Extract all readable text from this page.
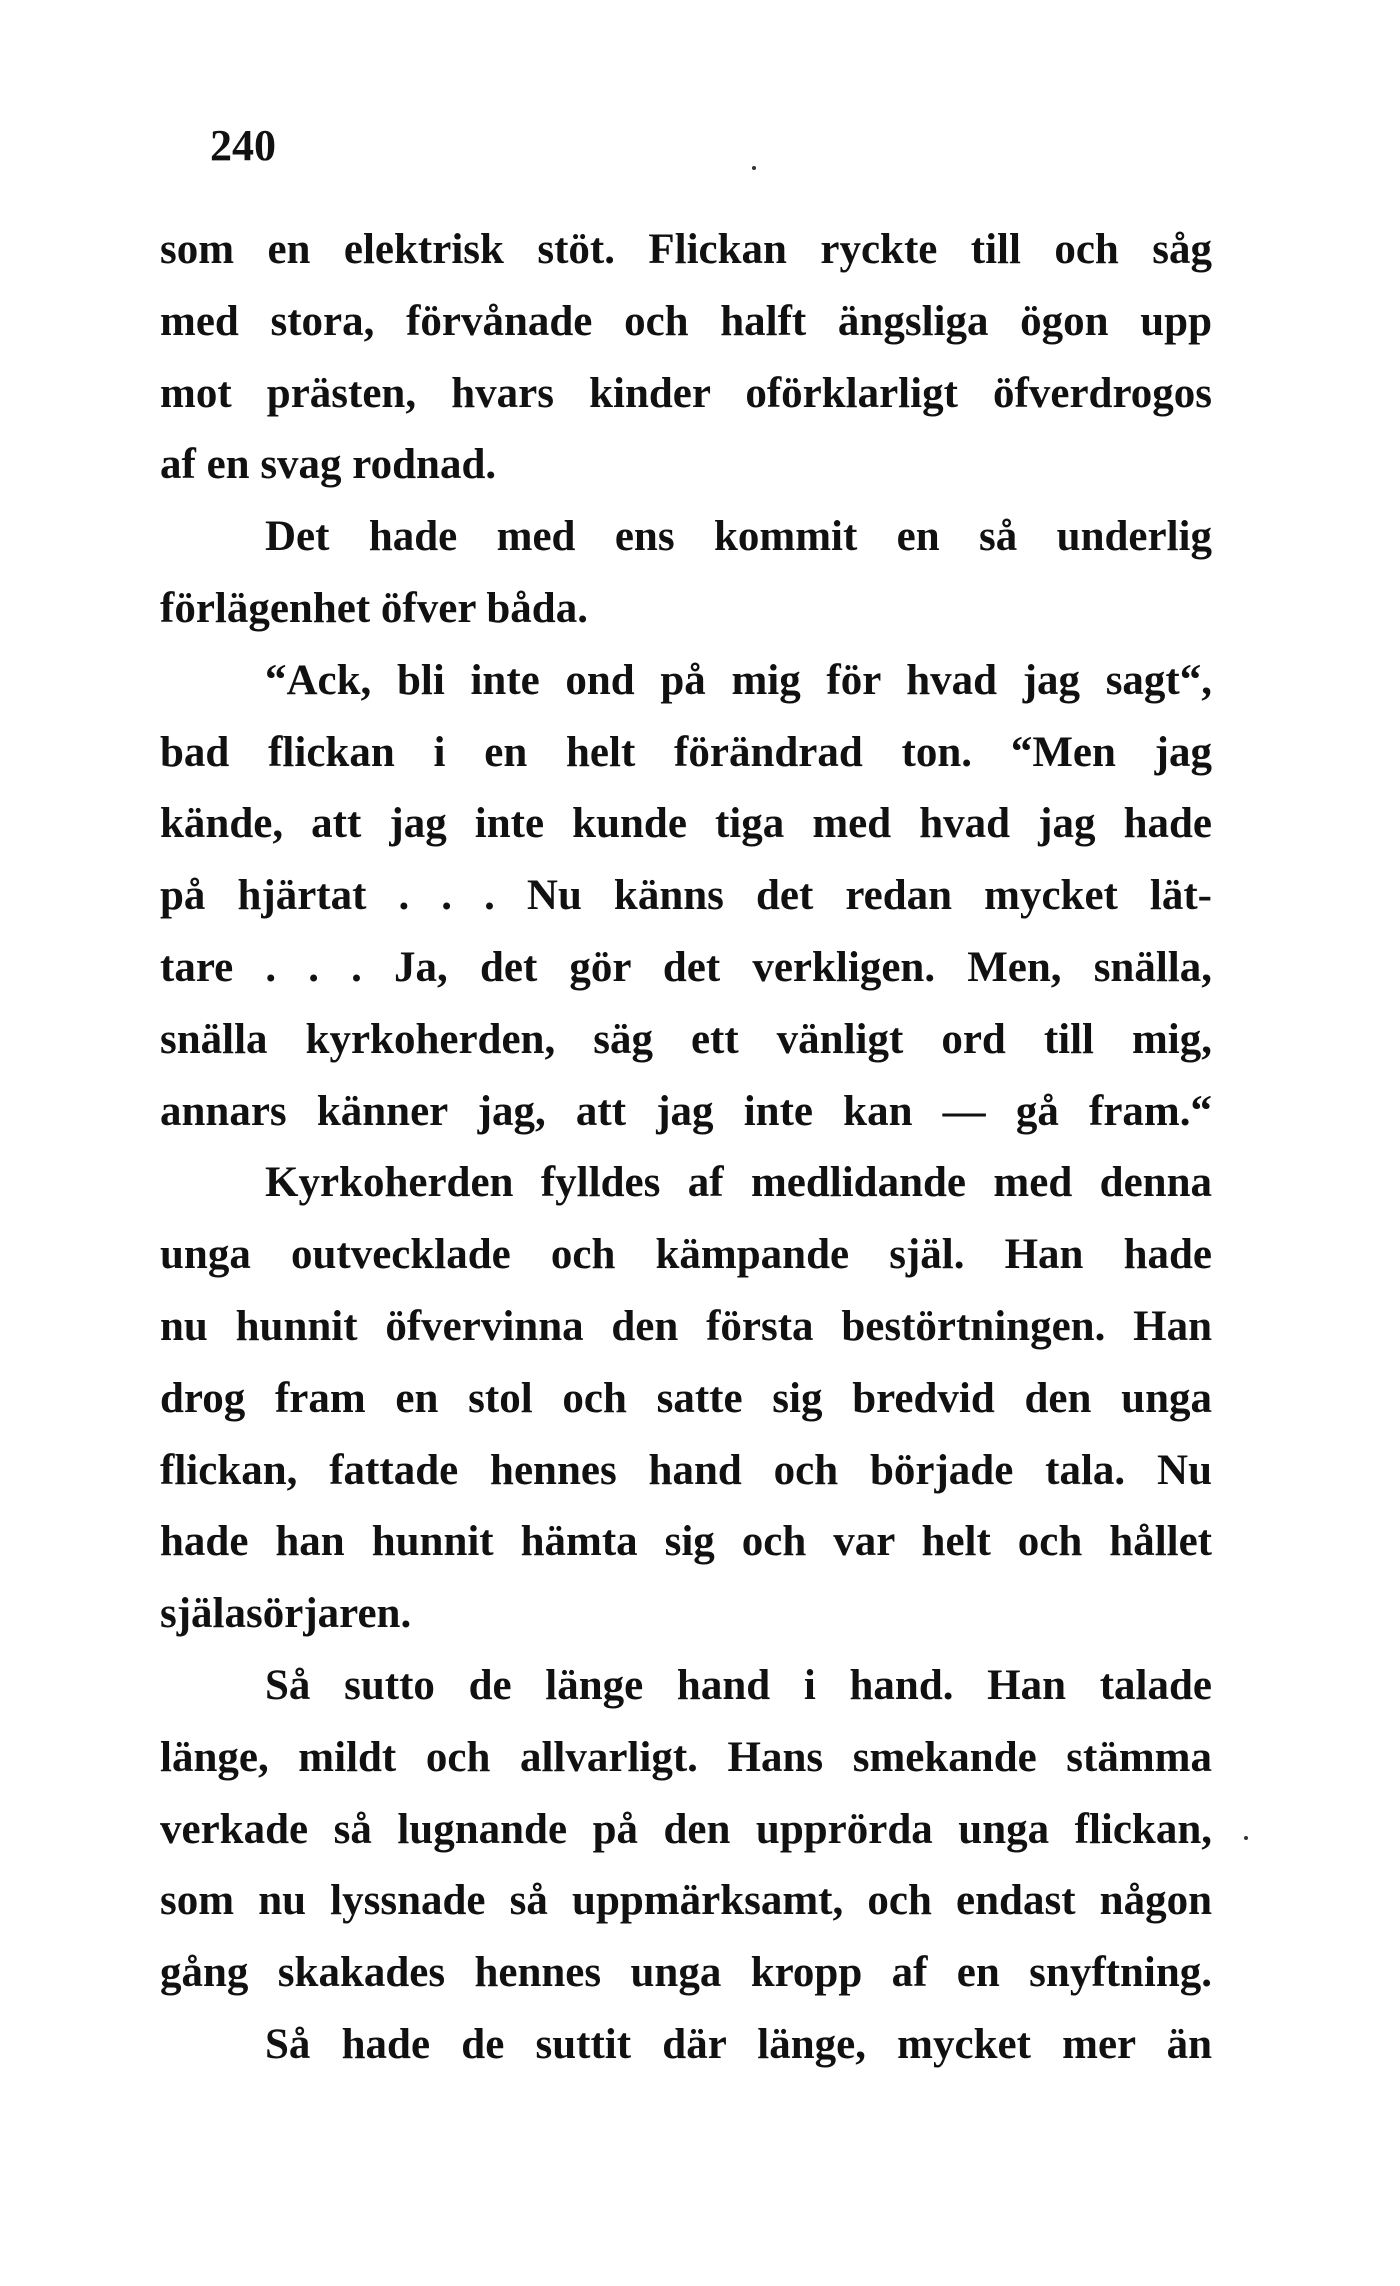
240
som en elektrisk stöt. Flickan ryckte till och såg
med stora, förvånade och halft ängsliga ögon upp
mot prästen, hvars kinder oförklarligt öfverdrogos
af en svag rodnad.
Det hade med ens kommit en så underlig
förlägenhet öfver båda.
“Ack, bli inte ond på mig för hvad jag sagt“,
bad flickan i en helt förändrad ton. “Men jag
kände, att jag inte kunde tiga med hvad jag hade
på hjärtat . . . Nu känns det redan mycket lät-
tare . . . Ja, det gör det verkligen. Men, snälla,
snälla kyrkoherden, säg ett vänligt ord till mig,
annars känner jag, att jag inte kan — gå fram.“
Kyrkoherden fylldes af medlidande med denna
unga outvecklade och kämpande själ. Han hade
nu hunnit öfvervinna den första bestörtningen. Han
drog fram en stol och satte sig bredvid den unga
flickan, fattade hennes hand och började tala. Nu
hade han hunnit hämta sig och var helt och hållet
själasörjaren.
Så sutto de länge hand i hand. Han talade
länge, mildt och allvarligt. Hans smekande stämma
verkade så lugnande på den upprörda unga flickan,
som nu lyssnade så uppmärksamt, och endast någon
gång skakades hennes unga kropp af en snyftning.
Så hade de suttit där länge, mycket mer än
